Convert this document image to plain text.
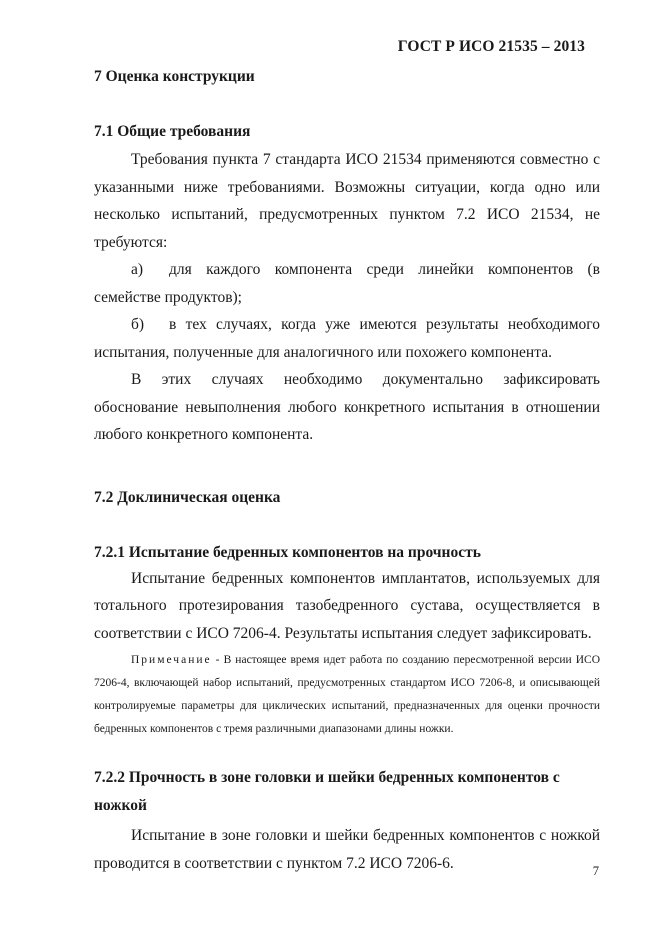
ГОСТ Р ИСО 21535 – 2013

7 Оценка конструкции

7.1 Общие требования

Требования пункта 7 стандарта ИСО 21534 применяются совместно с указанными ниже требованиями. Возможны ситуации, когда одно или несколько испытаний, предусмотренных пунктом 7.2 ИСО 21534, не требуются:

а) для каждого компонента среди линейки компонентов (в семействе продуктов);

б) в тех случаях, когда уже имеются результаты необходимого испытания, полученные для аналогичного или похожего компонента.

В этих случаях необходимо документально зафиксировать обоснование невыполнения любого конкретного испытания в отношении любого конкретного компонента.

7.2 Доклиническая оценка

7.2.1 Испытание бедренных компонентов на прочность

Испытание бедренных компонентов имплантатов, используемых для тотального протезирования тазобедренного сустава, осуществляется в соответствии с ИСО 7206-4. Результаты испытания следует зафиксировать.

Примечание - В настоящее время идет работа по созданию пересмотренной версии ИСО 7206-4, включающей набор испытаний, предусмотренных стандартом ИСО 7206-8, и описывающей контролируемые параметры для циклических испытаний, предназначенных для оценки прочности бедренных компонентов с тремя различными диапазонами длины ножки.

7.2.2 Прочность в зоне головки и шейки бедренных компонентов с ножкой

Испытание в зоне головки и шейки бедренных компонентов с ножкой проводится в соответствии с пунктом 7.2 ИСО 7206-6.	7
